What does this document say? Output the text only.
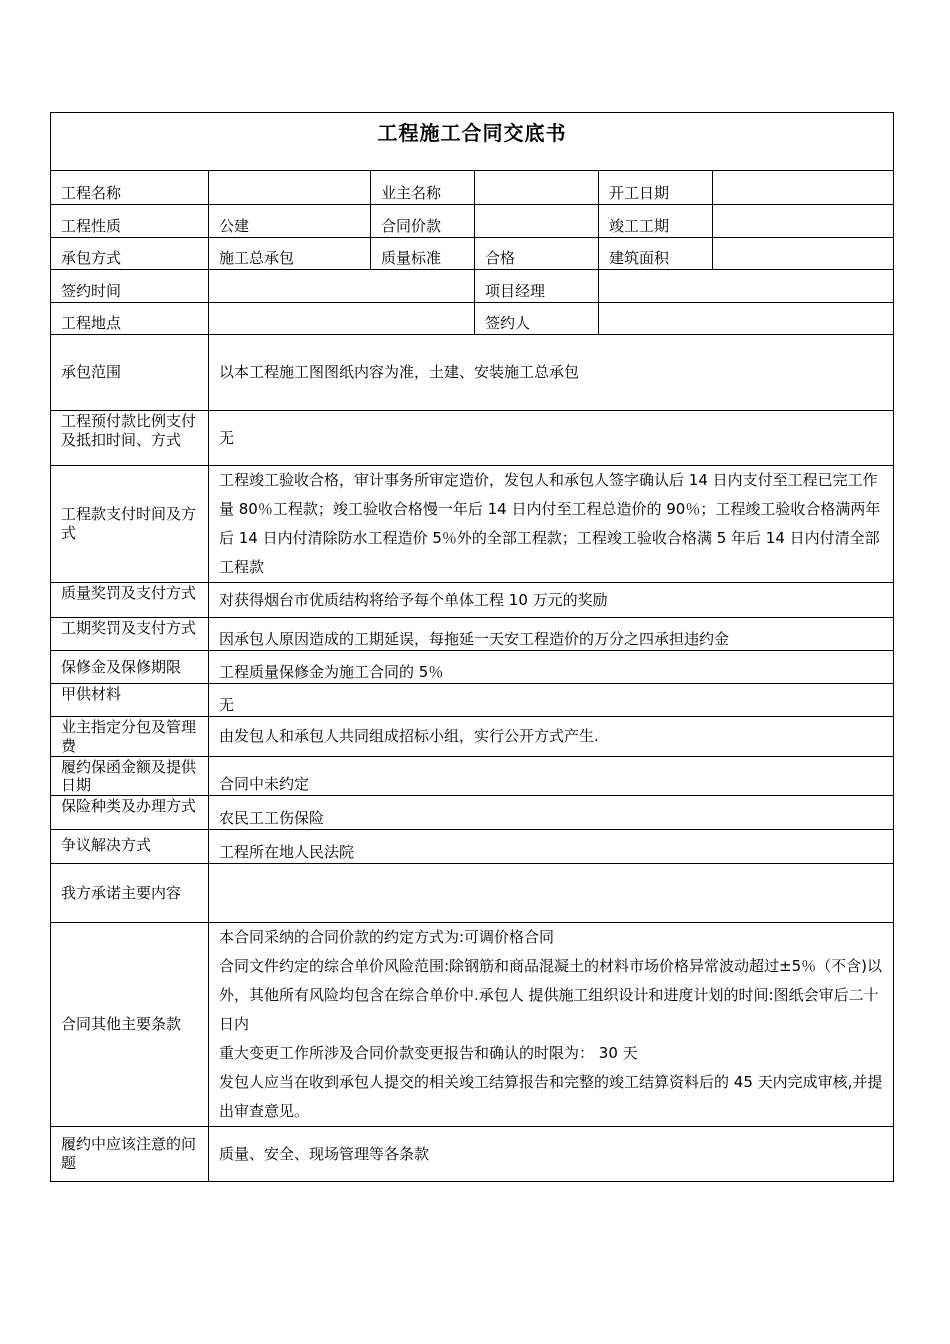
工程施工合同交底书					
工程名称		业主名称		开工日期	
工程性质	公建	合同价款		竣工工期	
承包方式	施工总承包	质量标准	合格	建筑面积	
签约时间			项目经理		
工程地点			签约人		
承包范围	以本工程施工图图纸内容为准，土建、安装施工总承包				
工程预付款比例支付及抵扣时间、方式	无				
工程款支付时间及方式	工程竣工验收合格，审计事务所审定造价，发包人和承包人签字确认后 14 日内支付至工程已完工作量 80％工程款；竣工验收合格慢一年后 14 日内付至工程总造价的 90％；工程竣工验收合格满两年后 14 日内付清除防水工程造价 5％外的全部工程款；工程竣工验收合格满 5 年后 14 日内付清全部工程款				
质量奖罚及支付方式	对获得烟台市优质结构将给予每个单体工程 10 万元的奖励				
工期奖罚及支付方式	因承包人原因造成的工期延误，每拖延一天安工程造价的万分之四承担违约金				
保修金及保修期限	工程质量保修金为施工合同的 5％				
甲供材料	无				
业主指定分包及管理费	由发包人和承包人共同组成招标小组，实行公开方式产生.				
履约保函金额及提供日期	合同中未约定				
保险种类及办理方式	农民工工伤保险				
争议解决方式	工程所在地人民法院				
我方承诺主要内容					
合同其他主要条款	本合同采纳的合同价款的约定方式为:可调价格合同

合同文件约定的综合单价风险范围:除钢筋和商品混凝土的材料市场价格异常波动超过±5％（不含)以外，其他所有风险均包含在综合单价中.承包人 提供施工组织设计和进度计划的时间:图纸会审后二十日内

重大变更工作所涉及合同价款变更报告和确认的时限为： 30 天

发包人应当在收到承包人提交的相关竣工结算报告和完整的竣工结算资料后的 45 天内完成审核,并提出审查意见。				

履约中应该注意的问题	质量、安全、现场管理等各条款				
